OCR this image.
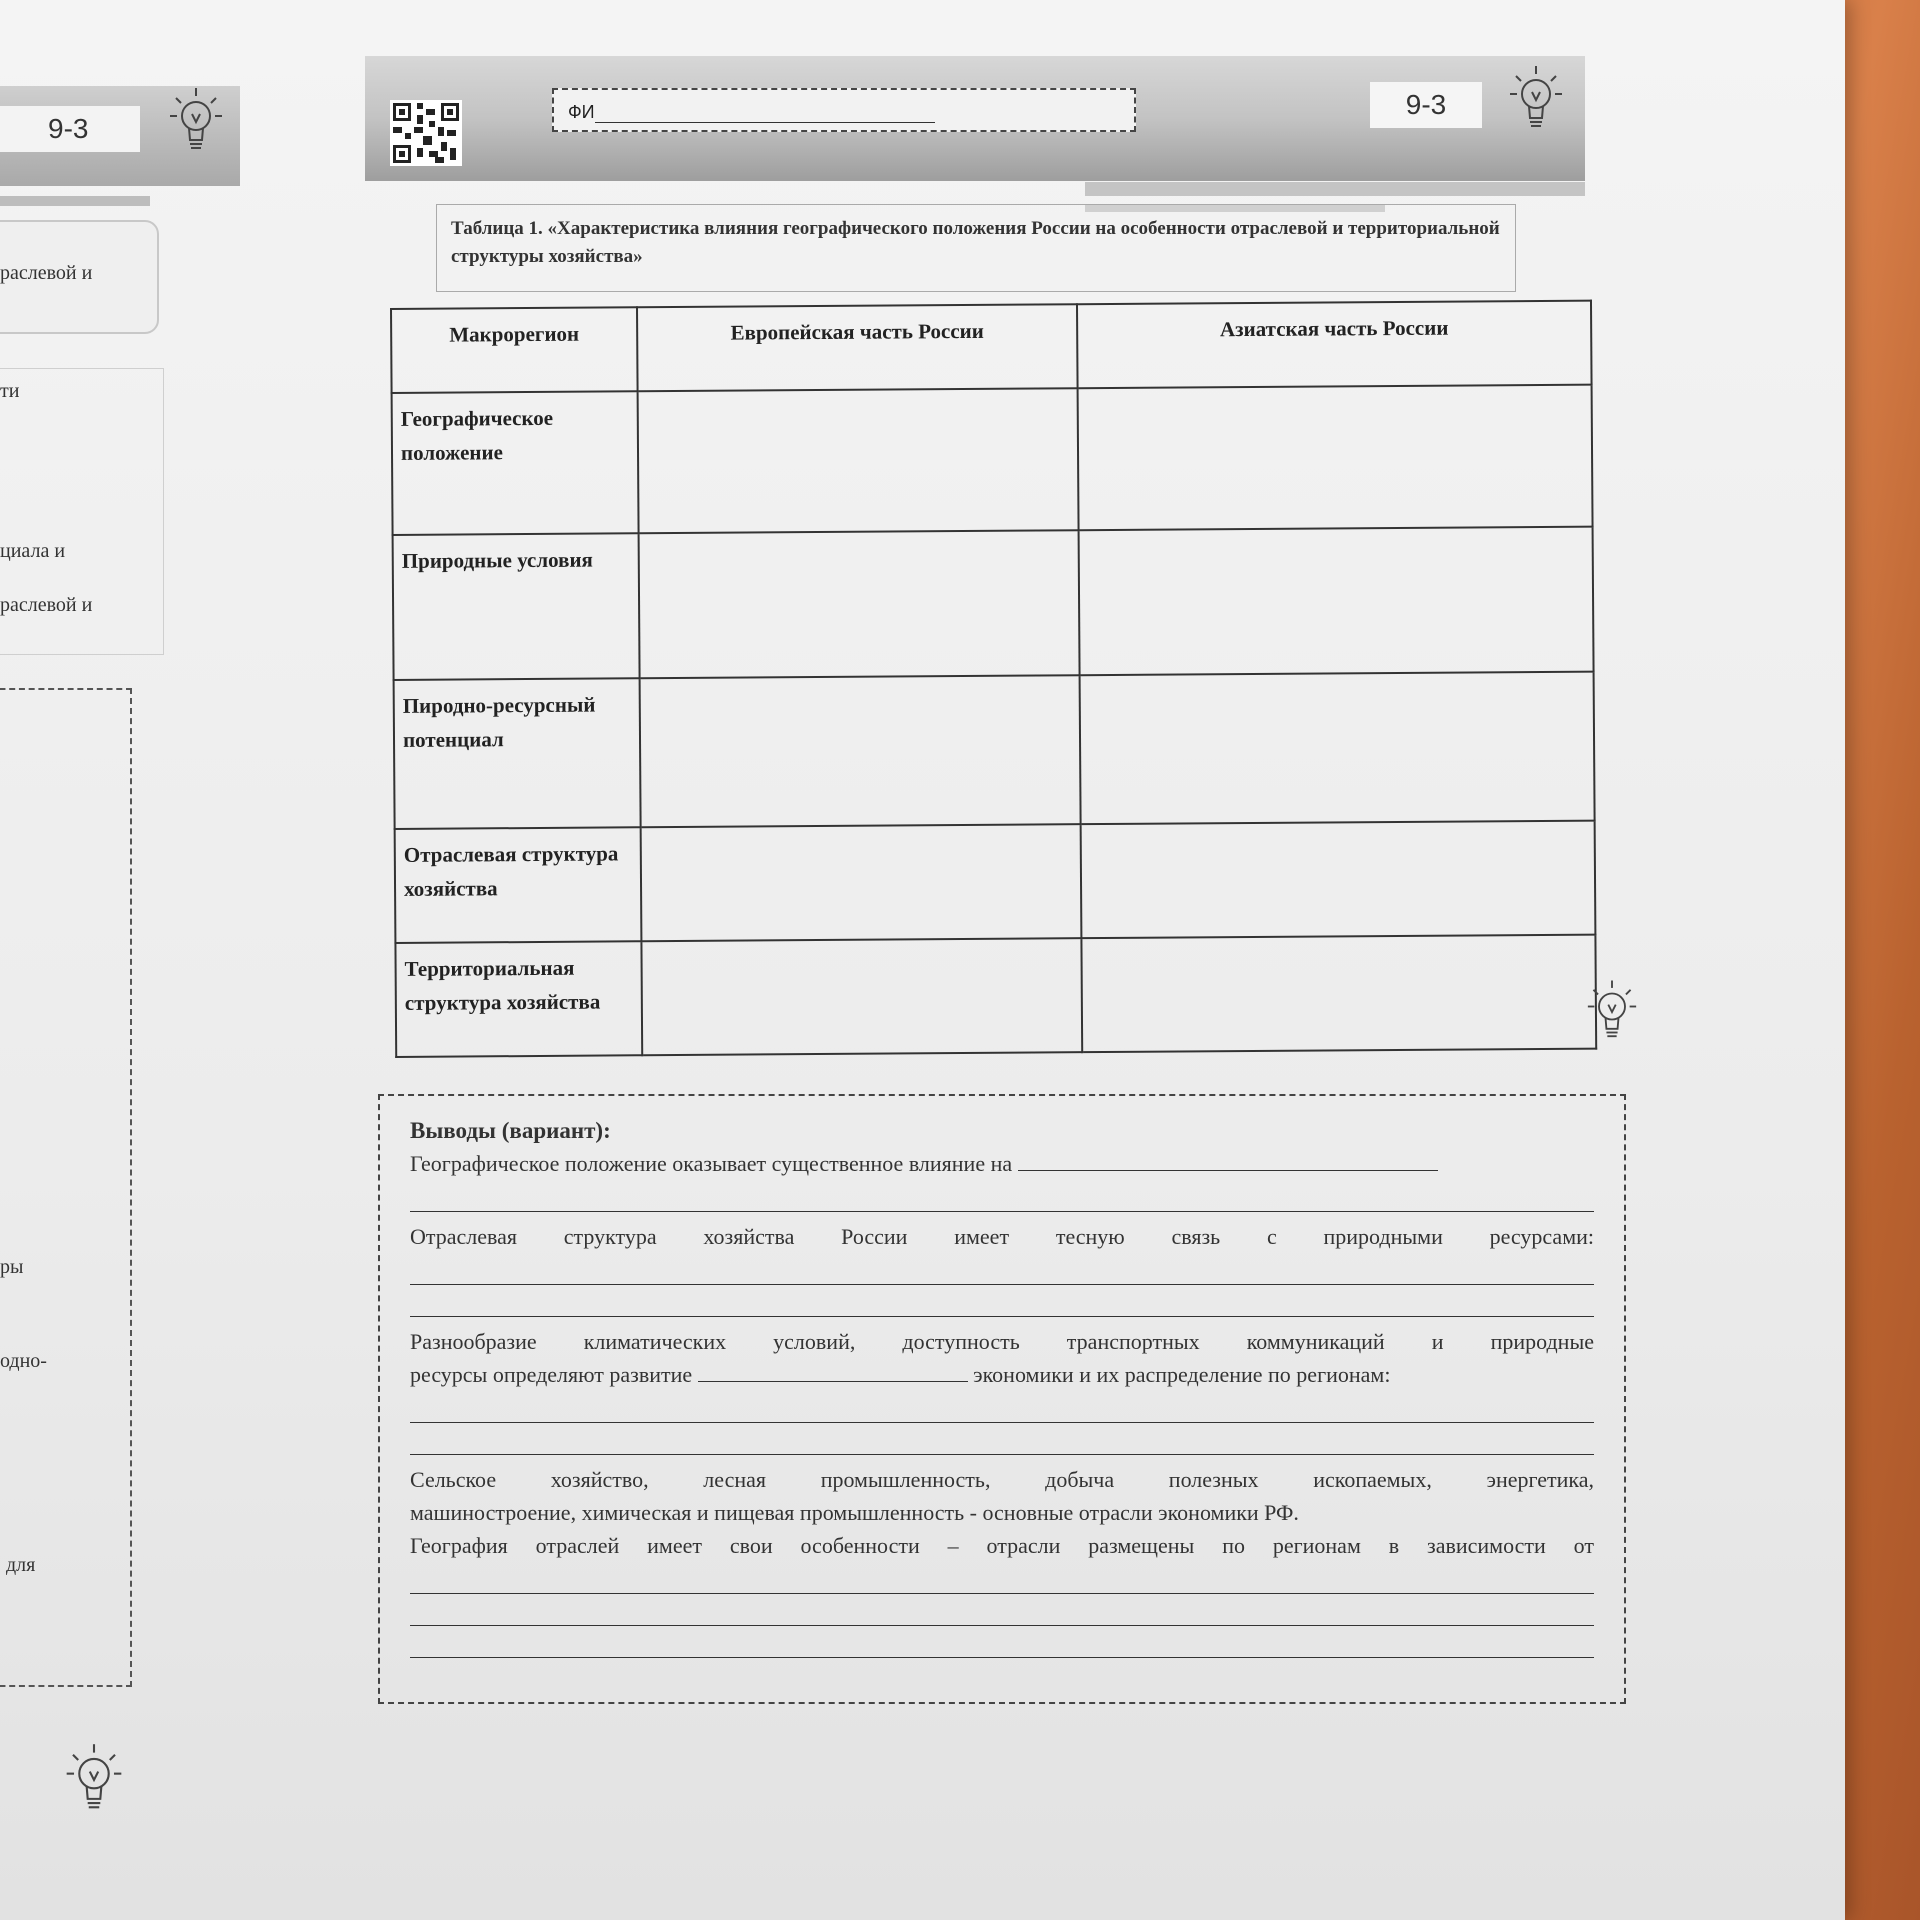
9-3
раслевой и
ти
циала и
раслевой и
ры
одно-
для
ФИ	9-3
Таблица 1. «Характеристика влияния географического положения России на особенности отраслевой и территориальной структуры хозяйства»
Макрорегион	Европейская часть России	Азиатская часть России
Географическое положение		
Природные условия		
Пиродно-ресурсный потенциал		
Отраслевая структура хозяйства		
Территориальная структура хозяйства		
Выводы (вариант):
Географическое положение оказывает существенное влияние на
Отраслевая структура хозяйства России имеет тесную связь с природными ресурсами:
Разнообразие климатических условий, доступность транспортных коммуникаций и природные
ресурсы определяют развитие	экономики и их распределение по регионам:
Сельское хозяйство, лесная промышленность, добыча полезных ископаемых, энергетика,
машиностроение, химическая и пищевая промышленность - основные отрасли экономики РФ.
География отраслей имеет свои особенности – отрасли размещены по регионам в зависимости от
